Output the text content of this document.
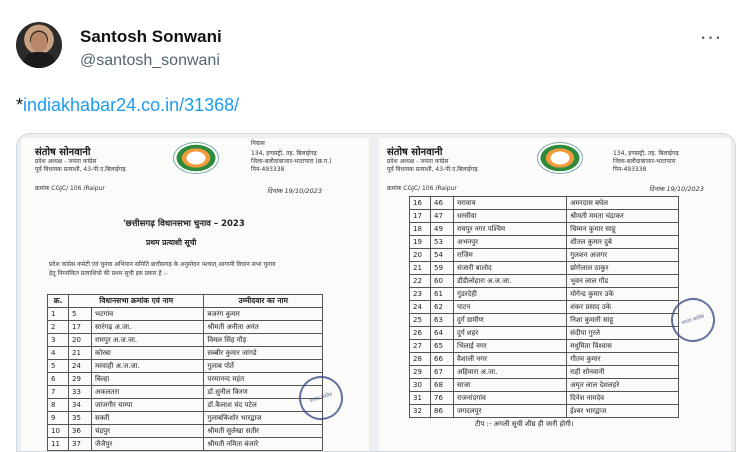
Santosh Sonwani
@santosh_sonwani
···
*indiakhabar24.co.in/31368/
संतोष सोनवानी
प्रदेश अध्यक्ष - जनता कांग्रेस
पूर्व विधायक प्रत्याशी, 43-पी.ए.बिलाईगढ़
निवास
134, इण्डस्ट्री, तह. बिलाईगढ़
जिला-बलौदाबाजार-भाटापारा (छ.ग.)
पिन-493338
क्रमांक CGJC/ 106 /Raipur	दिनांक 19/10/2023
'छत्तीसगढ़ विधानसभा चुनाव – 2023
प्रथम प्रत्याशी सूची
प्रदेश कांग्रेस कमेटी एवं चुनाव अभियान समिति छत्तीसगढ़ के अनुमोदन पश्चात् आगामी विधान सभा चुनाव
हेतु निम्नांकित प्रत्याशियों की प्रथम सूची इस प्रकार है :-
क्र.	विधानसभा क्रमांक एवं नाम		उम्मीदवार का नाम
1	5	भटगांव	बजरंग कुमार
2	17	सारंगढ़ अ.जा.	श्रीमती अनीता अनंत
3	20	रामपुर अ.ज.जा.	विमल सिंह गौड़
4	21	कोरबा	सब्बीर कुमार जांगडे
5	24	मरवाही अ.ज.जा.	गुलाब पोर्ते
6	29	बिल्हा	परमानन्द महंत
7	33	अकलतरा	डॉ.सुनील किरण
8	34	जांजगीर चाम्पा	डॉ.कैलाश चंद पटेल
9	35	सक्ती	गुलाबकिशोर भारद्वाज
10	36	चंद्रपुर	श्रीमती सुलेखा सतीर
11	37	जैजैपुर	श्रीमती नमिता बंजारे
जनता कांग्रेस
संतोष सोनवानी
प्रदेश अध्यक्ष - जनता कांग्रेस
पूर्व विधायक प्रत्याशी, 43-पी.ए.बिलाईगढ़
134, इण्डस्ट्री, तह. बिलाईगढ़
जिला-बलौदाबाजार-भाटापारा
पिन-493338
क्रमांक CGJC/ 106 /Raipur	दिनांक 19/10/2023
16	46	मरावाय	अमरदास बघेल
17	47	धरसीवा	श्रीमती ममता चंद्राकर
18	49	रायपुर नगर पश्चिम	चिम्मन कुमार साहू
19	53	अभनपुर	शीतल कुमार दुबे
20	54	राजिम	गुलशन अजगर
21	59	संजारी बालोद	छोगेलाल ठाकुर
22	60	डौंडीलोहारा अ.ज.जा.	भुवन लाल गौड
23	61	गुंडरदेही	योगेन्द्र कुमार उके
24	62	पाटन	शंकर प्रसाद उके
25	63	दुर्ग ग्रामीण	निशा कुमारी साहू
26	64	दुर्ग शहर	संदीपा गुरले
27	65	भिलाई नगर	मधुमिता विश्वास
28	66	वैशाली नगर	गौतम कुमार
29	67	अहिवारा अ.जा.	राही सोनवानी
30	68	साजा	अमृत लाल देशलहरे
31	76	राजनांदगांव	दिनेश नामदेव
32	86	जगदलपुर	ईश्वर भारद्वाज
जनता कांग्रेस
टीप :- अगली सूची शीघ्र ही जारी होगी।
